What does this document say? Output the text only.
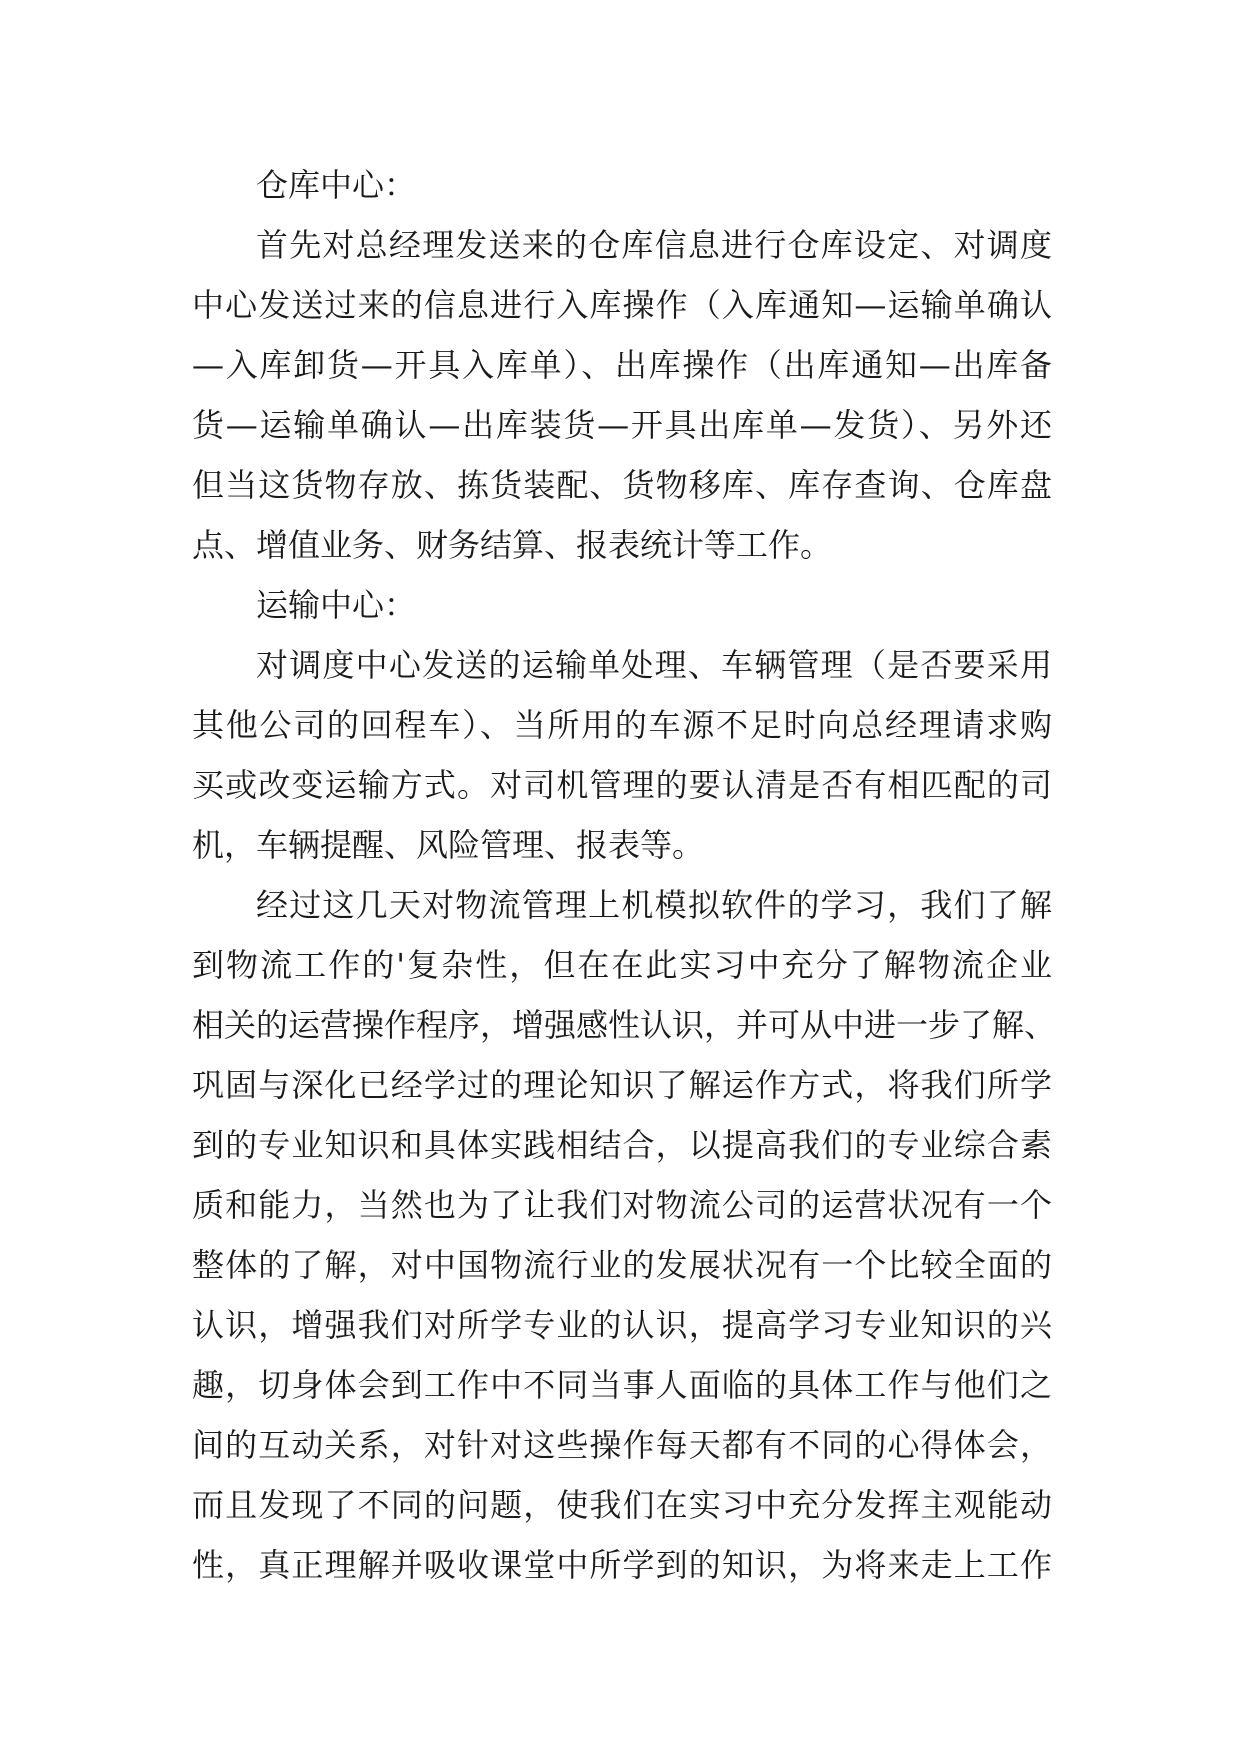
仓库中心：
首先对总经理发送来的仓库信息进行仓库设定、对调度
中心发送过来的信息进行入库操作（入库通知—运输单确认
—入库卸货—开具入库单）、出库操作（出库通知—出库备
货—运输单确认—出库装货—开具出库单—发货）、另外还
但当这货物存放、拣货装配、货物移库、库存查询、仓库盘
点、增值业务、财务结算、报表统计等工作。
运输中心：
对调度中心发送的运输单处理、车辆管理（是否要采用
其他公司的回程车）、当所用的车源不足时向总经理请求购
买或改变运输方式。对司机管理的要认清是否有相匹配的司
机，车辆提醒、风险管理、报表等。
经过这几天对物流管理上机模拟软件的学习，我们了解
到物流工作的'复杂性，但在在此实习中充分了解物流企业
相关的运营操作程序，增强感性认识，并可从中进一步了解、
巩固与深化已经学过的理论知识了解运作方式，将我们所学
到的专业知识和具体实践相结合，以提高我们的专业综合素
质和能力，当然也为了让我们对物流公司的运营状况有一个
整体的了解，对中国物流行业的发展状况有一个比较全面的
认识，增强我们对所学专业的认识，提高学习专业知识的兴
趣，切身体会到工作中不同当事人面临的具体工作与他们之
间的互动关系，对针对这些操作每天都有不同的心得体会，
而且发现了不同的问题，使我们在实习中充分发挥主观能动
性，真正理解并吸收课堂中所学到的知识，为将来走上工作
